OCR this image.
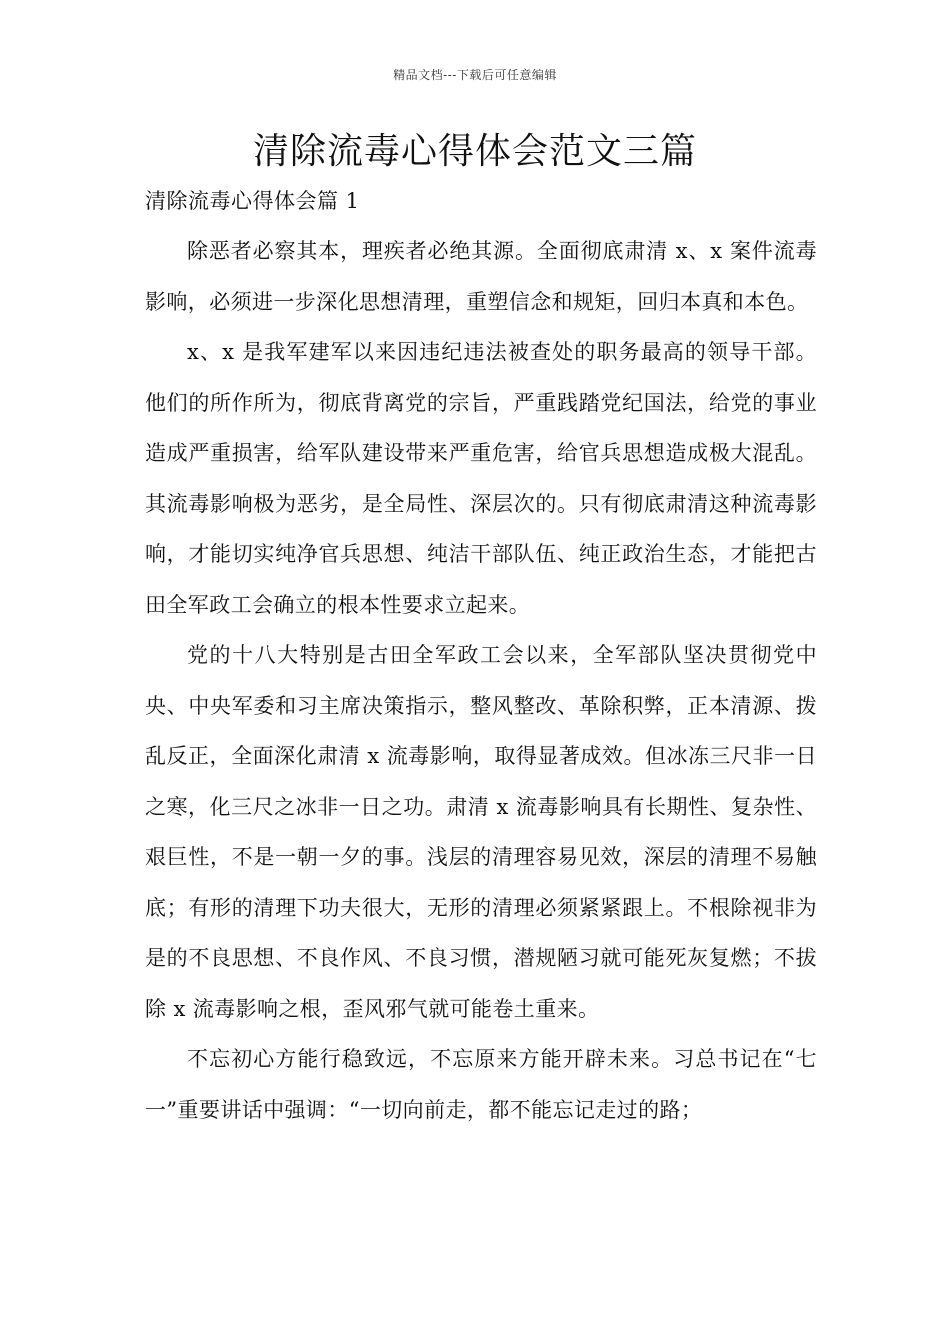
精品文档---下载后可任意编辑
清除流毒心得体会范文三篇
清除流毒心得体会篇 1

除恶者必察其本，理疾者必绝其源。全面彻底肃清 x、x 案件流毒影响，必须进一步深化思想清理，重塑信念和规矩，回归本真和本色。

x、x 是我军建军以来因违纪违法被查处的职务最高的领导干部。他们的所作所为，彻底背离党的宗旨，严重践踏党纪国法，给党的事业造成严重损害，给军队建设带来严重危害，给官兵思想造成极大混乱。其流毒影响极为恶劣，是全局性、深层次的。只有彻底肃清这种流毒影响，才能切实纯净官兵思想、纯洁干部队伍、纯正政治生态，才能把古田全军政工会确立的根本性要求立起来。

党的十八大特别是古田全军政工会以来，全军部队坚决贯彻党中央、中央军委和习主席决策指示，整风整改、革除积弊，正本清源、拨乱反正，全面深化肃清 x 流毒影响，取得显著成效。但冰冻三尺非一日之寒，化三尺之冰非一日之功。肃清 x 流毒影响具有长期性、复杂性、艰巨性，不是一朝一夕的事。浅层的清理容易见效，深层的清理不易触底；有形的清理下功夫很大，无形的清理必须紧紧跟上。不根除视非为是的不良思想、不良作风、不良习惯，潜规陋习就可能死灰复燃；不拔除 x 流毒影响之根，歪风邪气就可能卷土重来。

不忘初心方能行稳致远，不忘原来方能开辟未来。习总书记在“七一”重要讲话中强调：“一切向前走，都不能忘记走过的路；
